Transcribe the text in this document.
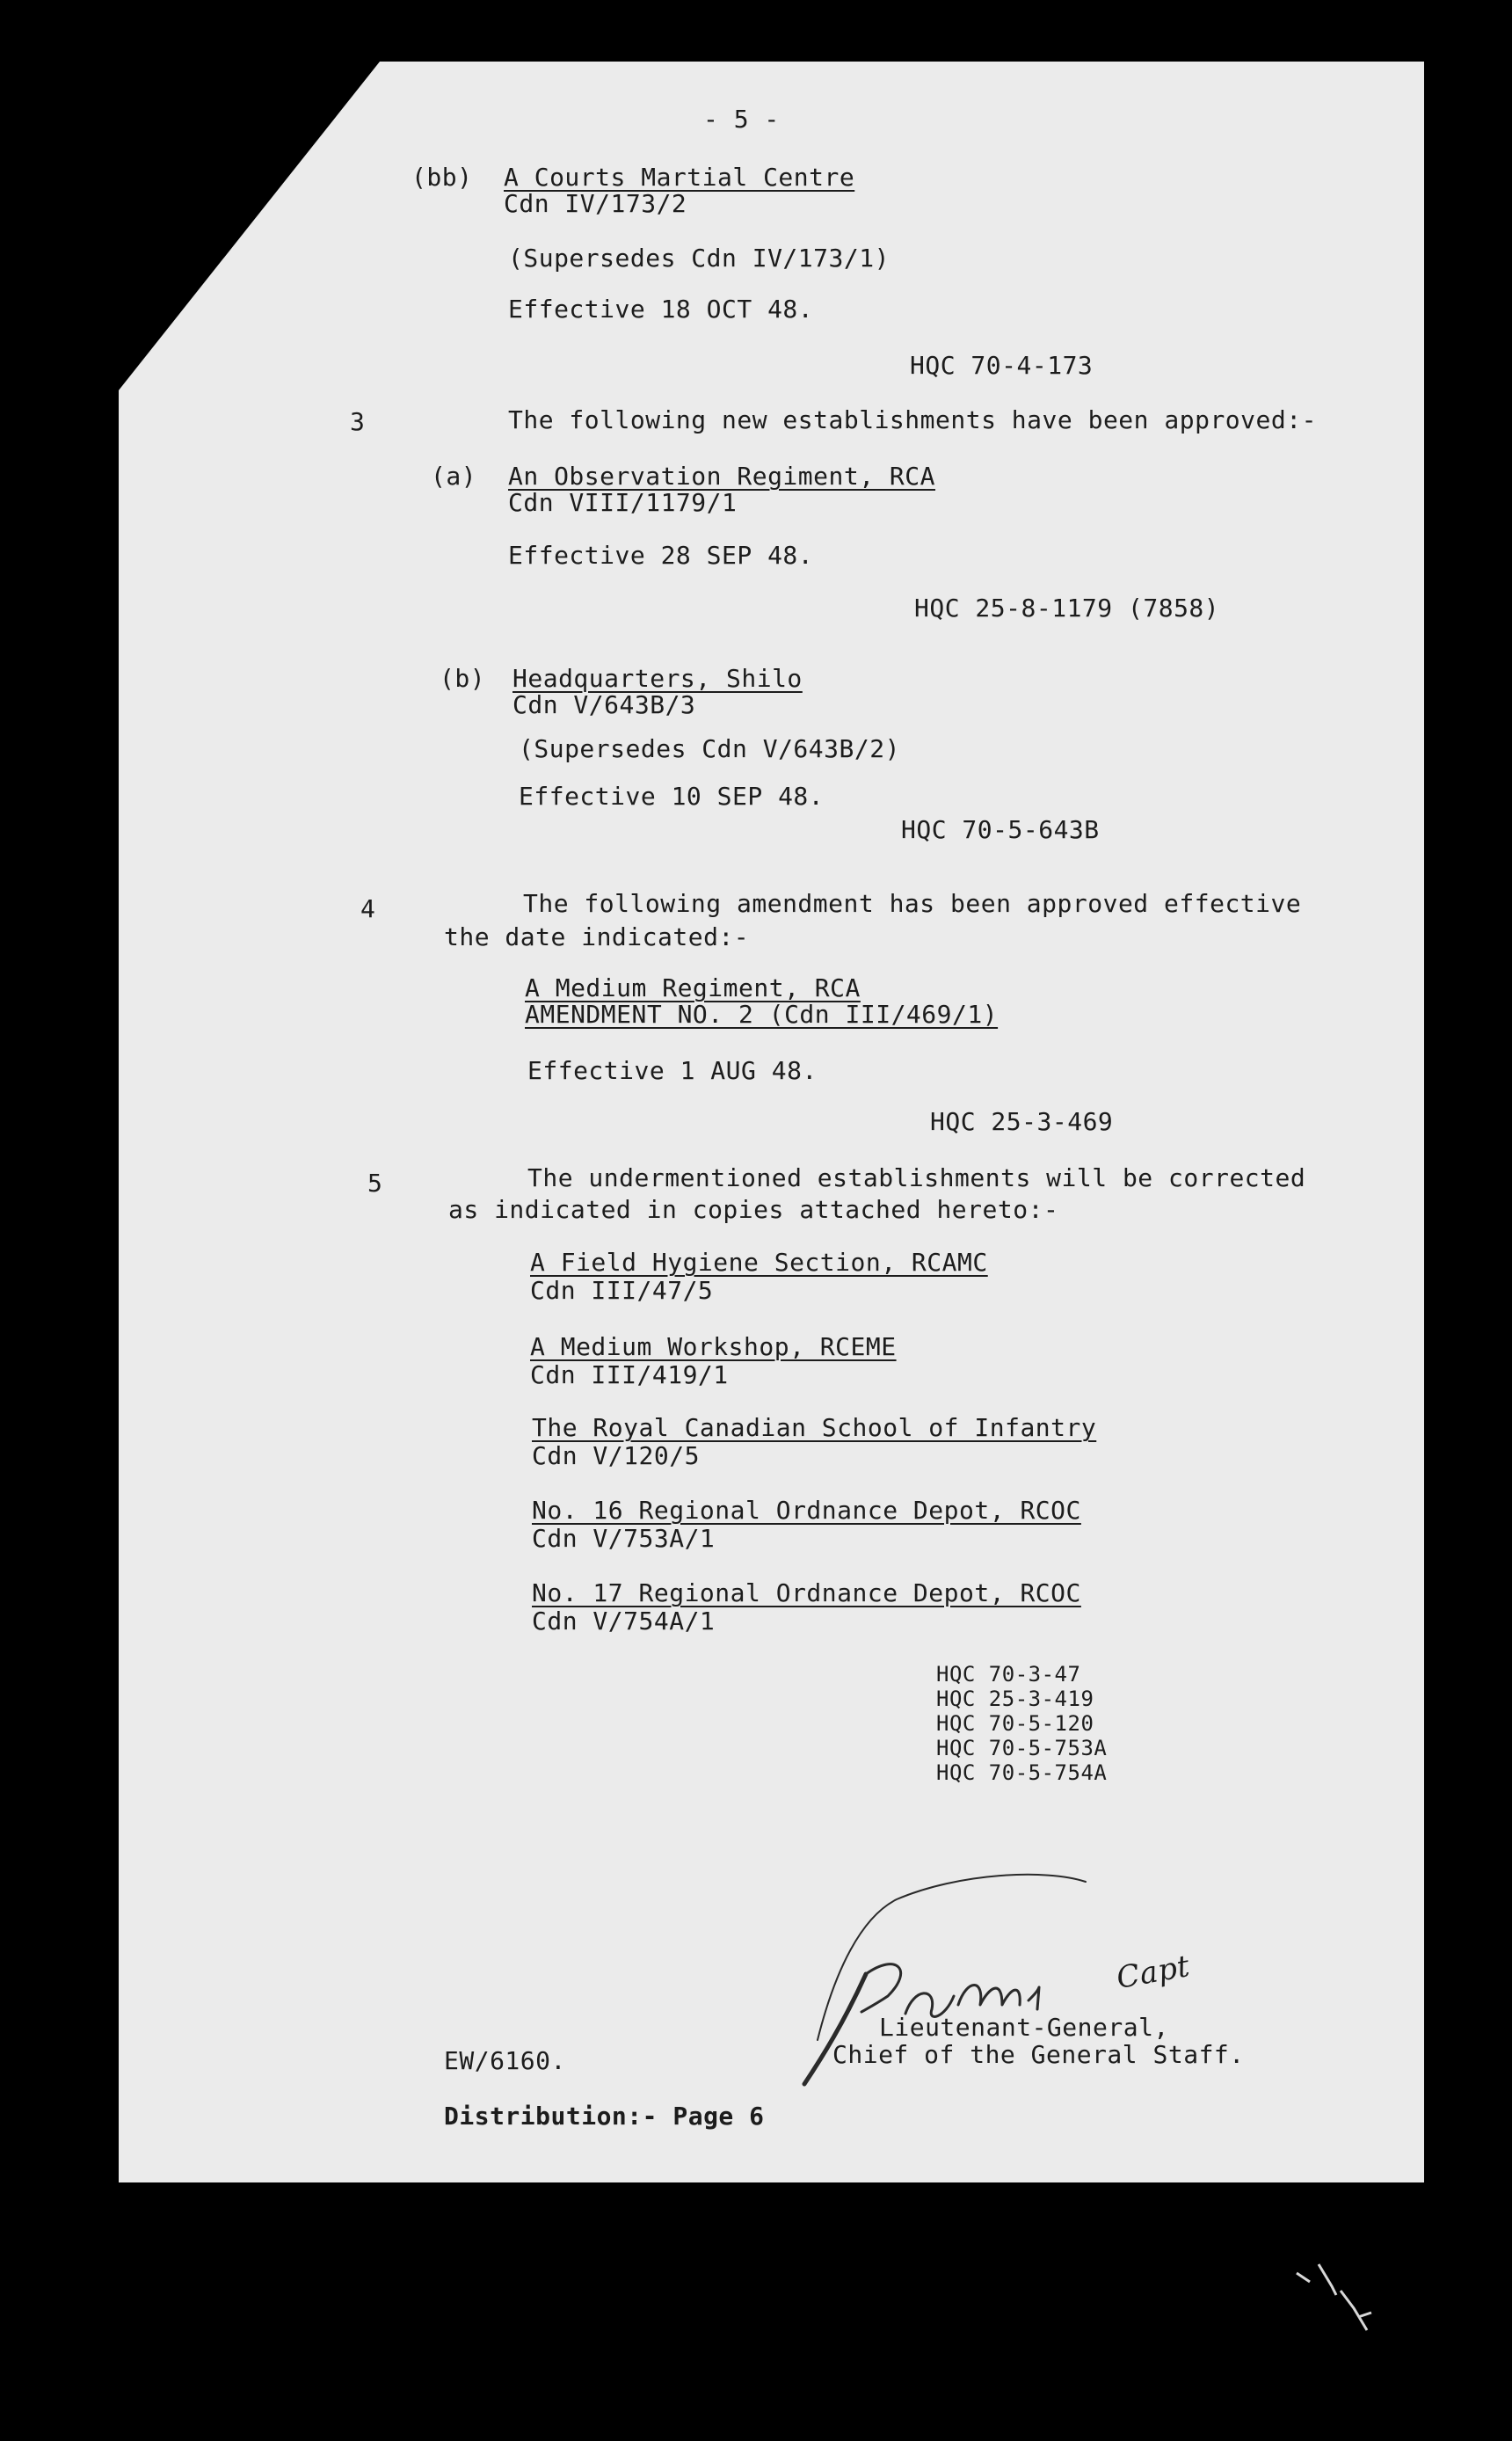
- 5 -
(bb) A Courts Martial Centre
Cdn IV/173/2
(Supersedes Cdn IV/173/1)
Effective 18 OCT 48.
HQC 70-4-173
3	The following new establishments have been approved:-
(a) An Observation Regiment, RCA
Cdn VIII/1179/1
Effective 28 SEP 48.
HQC 25-8-1179 (7858)
(b) Headquarters, Shilo
Cdn V/643B/3
(Supersedes Cdn V/643B/2)
Effective 10 SEP 48.
HQC 70-5-643B
4	The following amendment has been approved effective
the date indicated:-
A Medium Regiment, RCA
AMENDMENT NO. 2 (Cdn III/469/1)
Effective 1 AUG 48.
HQC 25-3-469
5	The undermentioned establishments will be corrected
as indicated in copies attached hereto:-
A Field Hygiene Section, RCAMC
Cdn III/47/5
A Medium Workshop, RCEME
Cdn III/419/1
The Royal Canadian School of Infantry
Cdn V/120/5
No. 16 Regional Ordnance Depot, RCOC
Cdn V/753A/1
No. 17 Regional Ordnance Depot, RCOC
Cdn V/754A/1
HQC 70-3-47
HQC 25-3-419
HQC 70-5-120
HQC 70-5-753A
HQC 70-5-754A
Capt
Lieutenant-General,
Chief of the General Staff.
EW/6160.
Distribution:- Page 6
